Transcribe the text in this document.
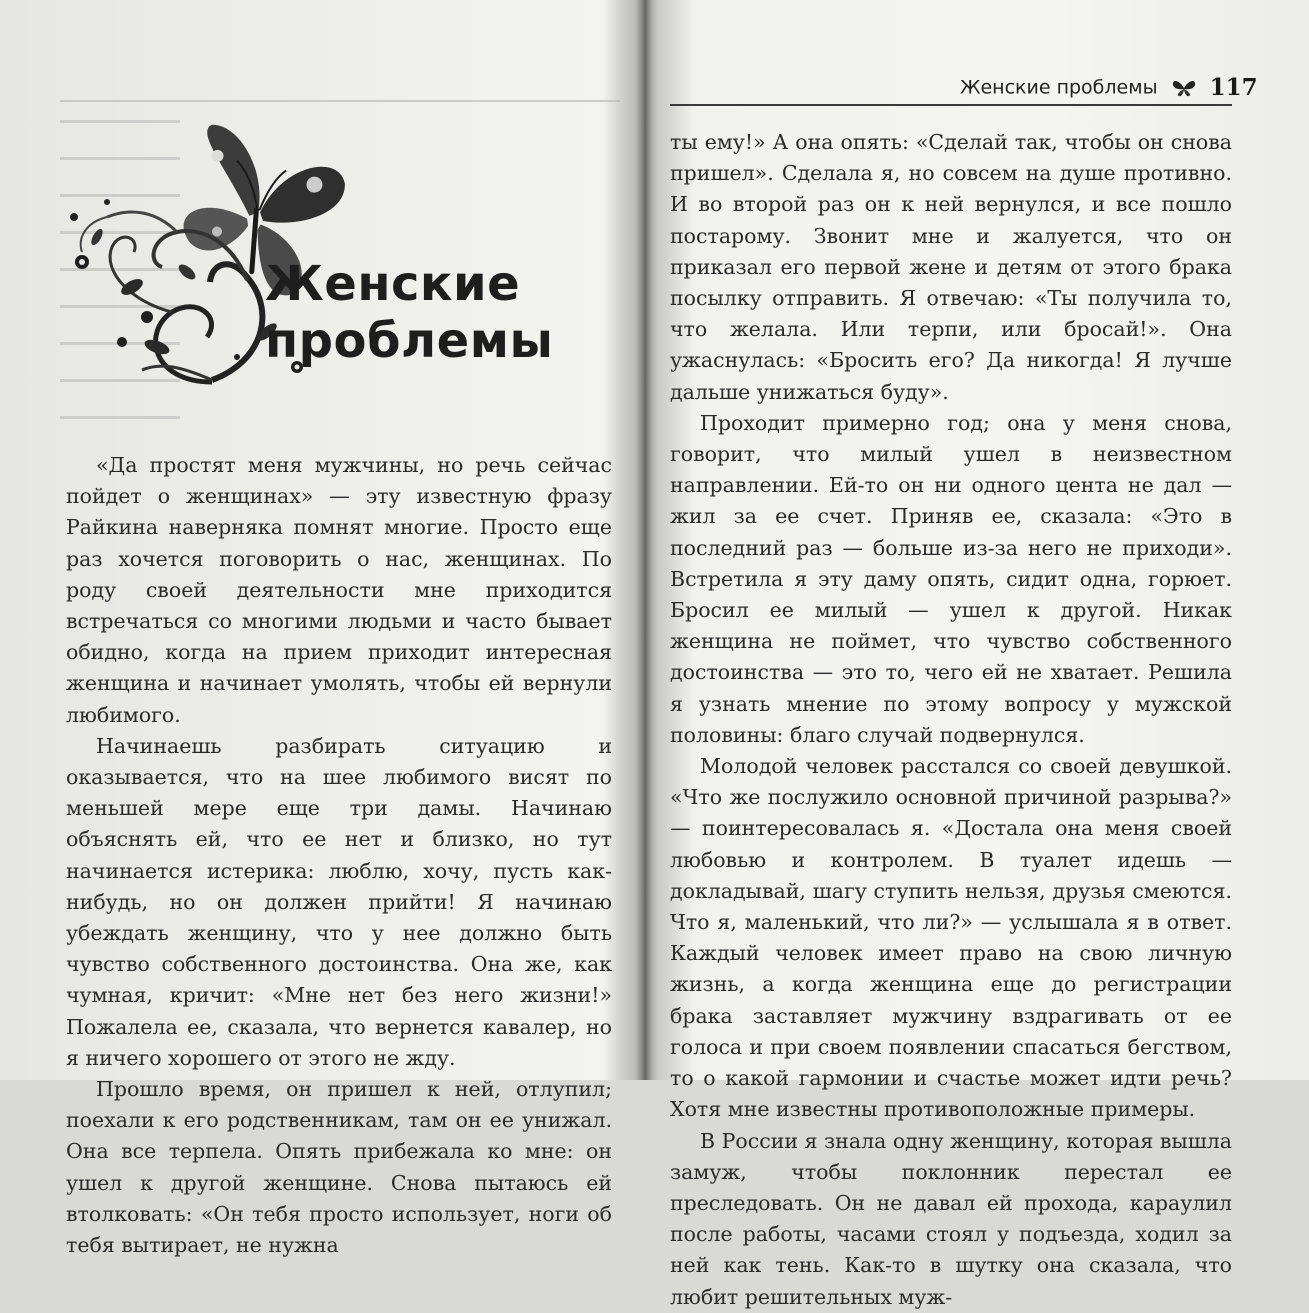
Женские
проблемы

«Да простят меня мужчины, но речь сейчас пойдет о женщинах» — эту известную фразу Райкина наверняка помнят многие. Просто еще раз хочется поговорить о нас, женщинах. По роду своей деятельности мне приходится встречаться со многими людьми и часто бывает обидно, когда на прием приходит интересная женщина и начинает умолять, чтобы ей вернули любимого.

Начинаешь разбирать ситуацию и оказывается, что на шее любимого висят по меньшей мере еще три дамы. Начинаю объяснять ей, что ее нет и близко, но тут начинается истерика: люблю, хочу, пусть как-нибудь, но он должен прийти! Я начинаю убеждать женщину, что у нее должно быть чувство собственного достоинства. Она же, как чумная, кричит: «Мне нет без него жизни!» Пожалела ее, сказала, что вернется кавалер, но я ничего хорошего от этого не жду.

Прошло время, он пришел к ней, отлупил; поехали к его родственникам, там он ее унижал. Она все терпела. Опять прибежала ко мне: он ушел к другой женщине. Снова пытаюсь ей втолковать: «Он тебя просто использует, ноги об тебя вытирает, не нужна

Женские проблемы 117

ты ему!» А она опять: «Сделай так, чтобы он снова пришел». Сделала я, но совсем на душе противно. И во второй раз он к ней вернулся, и все пошло постарому. Звонит мне и жалуется, что он приказал его первой жене и детям от этого брака посылку отправить. Я отвечаю: «Ты получила то, что желала. Или терпи, или бросай!». Она ужаснулась: «Бросить его? Да никогда! Я лучше дальше унижаться буду».

Проходит примерно год; она у меня снова, говорит, что милый ушел в неизвестном направлении. Ей-то он ни одного цента не дал — жил за ее счет. Приняв ее, сказала: «Это в последний раз — больше из-за него не приходи». Встретила я эту даму опять, сидит одна, горюет. Бросил ее милый — ушел к другой. Никак женщина не поймет, что чувство собственного достоинства — это то, чего ей не хватает. Решила я узнать мнение по этому вопросу у мужской половины: благо случай подвернулся.

Молодой человек расстался со своей девушкой. «Что же послужило основной причиной разрыва?» — поинтересовалась я. «Достала она меня своей любовью и контролем. В туалет идешь — докладывай, шагу ступить нельзя, друзья смеются. Что я, маленький, что ли?» — услышала я в ответ. Каждый человек имеет право на свою личную жизнь, а когда женщина еще до регистрации брака заставляет мужчину вздрагивать от ее голоса и при своем появлении спасаться бегством, то о какой гармонии и счастье может идти речь? Хотя мне известны противоположные примеры.

В России я знала одну женщину, которая вышла замуж, чтобы поклонник перестал ее преследовать. Он не давал ей прохода, караулил после работы, часами стоял у подъезда, ходил за ней как тень. Как-то в шутку она сказала, что любит решительных муж-
